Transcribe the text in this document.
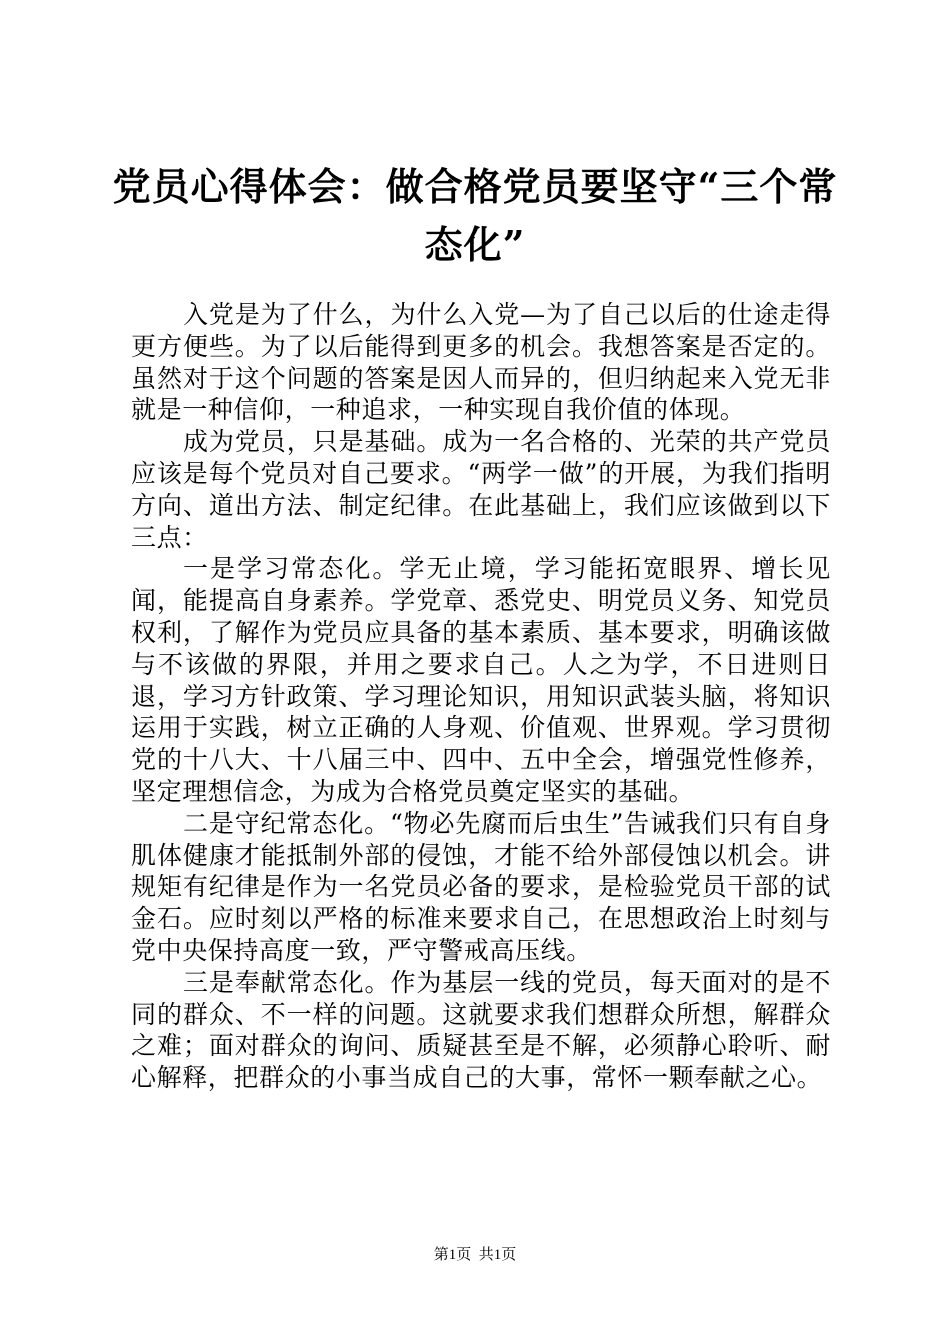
党员心得体会：做合格党员要坚守“三个常态化”

入党是为了什么，为什么入党—为了自己以后的仕途走得更方便些。为了以后能得到更多的机会。我想答案是否定的。虽然对于这个问题的答案是因人而异的，但归纳起来入党无非就是一种信仰，一种追求，一种实现自我价值的体现。

成为党员，只是基础。成为一名合格的、光荣的共产党员应该是每个党员对自己要求。“两学一做”的开展，为我们指明方向、道出方法、制定纪律。在此基础上，我们应该做到以下三点：

一是学习常态化。学无止境，学习能拓宽眼界、增长见闻，能提高自身素养。学党章、悉党史、明党员义务、知党员权利，了解作为党员应具备的基本素质、基本要求，明确该做与不该做的界限，并用之要求自己。人之为学，不日进则日退，学习方针政策、学习理论知识，用知识武装头脑，将知识运用于实践，树立正确的人身观、价值观、世界观。学习贯彻党的十八大、十八届三中、四中、五中全会，增强党性修养，坚定理想信念，为成为合格党员奠定坚实的基础。

二是守纪常态化。“物必先腐而后虫生”告诫我们只有自身肌体健康才能抵制外部的侵蚀，才能不给外部侵蚀以机会。讲规矩有纪律是作为一名党员必备的要求，是检验党员干部的试金石。应时刻以严格的标准来要求自己，在思想政治上时刻与党中央保持高度一致，严守警戒高压线。

三是奉献常态化。作为基层一线的党员，每天面对的是不同的群众、不一样的问题。这就要求我们想群众所想，解群众之难；面对群众的询问、质疑甚至是不解，必须静心聆听、耐心解释，把群众的小事当成自己的大事，常怀一颗奉献之心。

第1页  共1页
